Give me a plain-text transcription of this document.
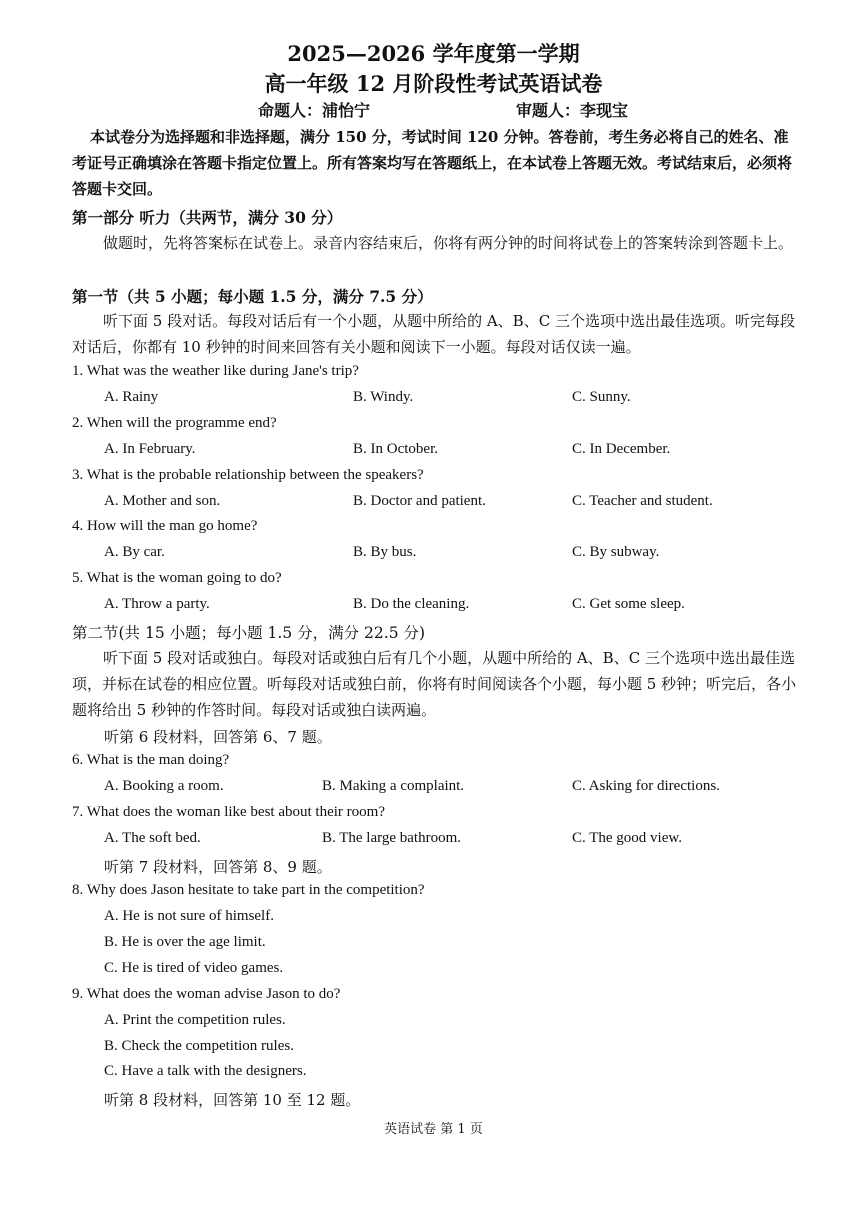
2025—2026 学年度第一学期
高一年级 12 月阶段性考试英语试卷
命题人：浦怡宁	审题人：李现宝
本试卷分为选择题和非选择题，满分 150 分，考试时间 120 分钟。答卷前，考生务必将自己的姓名、准考证号正确填涂在答题卡指定位置上。所有答案均写在答题纸上，在本试卷上答题无效。考试结束后，必须将答题卡交回。
第一部分 听力（共两节，满分 30 分）
做题时，先将答案标在试卷上。录音内容结束后，你将有两分钟的时间将试卷上的答案转涂到答题卡上。
第一节（共 5 小题；每小题 1.5 分，满分 7.5 分）
听下面 5 段对话。每段对话后有一个小题，从题中所给的 A、B、C 三个选项中选出最佳选项。听完每段对话后，你都有 10 秒钟的时间来回答有关小题和阅读下一小题。每段对话仅读一遍。
1. What was the weather like during Jane's trip?
A. Rainy	B. Windy.	C. Sunny.
2. When will the programme end?
A. In February.	B. In October.	C. In December.
3. What is the probable relationship between the speakers?
A. Mother and son.	B. Doctor and patient.	C. Teacher and student.
4. How will the man go home?
A. By car.	B. By bus.	C. By subway.
5. What is the woman going to do?
A. Throw a party.	B. Do the cleaning.	C. Get some sleep.
第二节(共 15 小题；每小题 1.5 分，满分 22.5 分)
听下面 5 段对话或独白。每段对话或独白后有几个小题，从题中所给的 A、B、C 三个选项中选出最佳选项，并标在试卷的相应位置。听每段对话或独白前，你将有时间阅读各个小题，每小题 5 秒钟；听完后，各小题将给出 5 秒钟的作答时间。每段对话或独白读两遍。
听第 6 段材料，回答第 6、7 题。
6. What is the man doing?
A. Booking a room.	B. Making a complaint.	C. Asking for directions.
7. What does the woman like best about their room?
A. The soft bed.	B. The large bathroom.	C. The good view.
听第 7 段材料，回答第 8、9 题。
8. Why does Jason hesitate to take part in the competition?
A. He is not sure of himself.
B. He is over the age limit.
C. He is tired of video games.
9. What does the woman advise Jason to do?
A. Print the competition rules.
B. Check the competition rules.
C. Have a talk with the designers.
听第 8 段材料，回答第 10 至 12 题。
英语试卷 第 1 页
